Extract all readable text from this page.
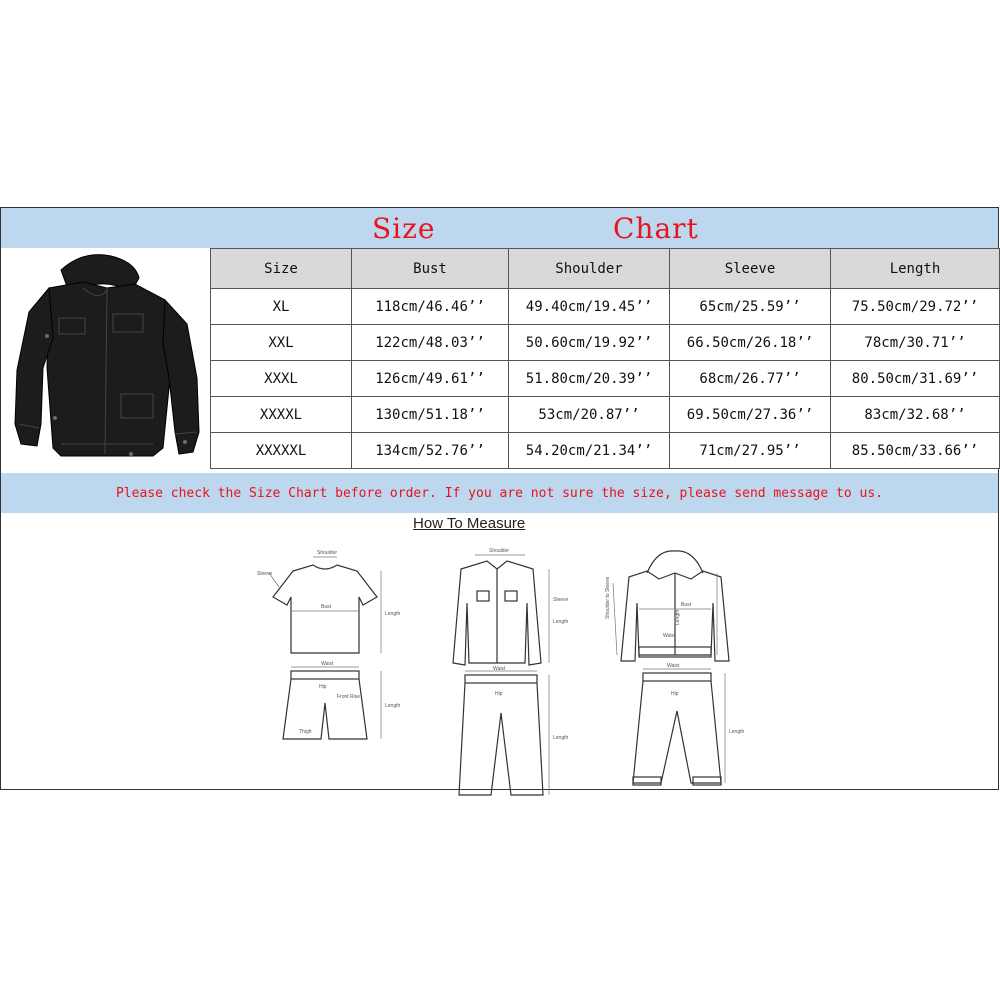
Size	Chart
Size	Bust	Shoulder	Sleeve	Length
XL	118cm/46.46’’	49.40cm/19.45’’	65cm/25.59’’	75.50cm/29.72’’
XXL	122cm/48.03’’	50.60cm/19.92’’	66.50cm/26.18’’	78cm/30.71’’
XXXL	126cm/49.61’’	51.80cm/20.39’’	68cm/26.77’’	80.50cm/31.69’’
XXXXL	130cm/51.18’’	53cm/20.87’’	69.50cm/27.36’’	83cm/32.68’’
XXXXXL	134cm/52.76’’	54.20cm/21.34’’	71cm/27.95’’	85.50cm/33.66’’
Please check the Size Chart before order. If you are not sure the size, please send message to us.
How To Measure
Shoulder
Sleeve
Bust
Length
Waist
Hip
Front Rise
Length
Thigh
Shoulder
Sleeve
Length
Waist
Hip
Length
Shoulder to Sleeve	Bust
Length
Waist
Waist
Hip
Length
